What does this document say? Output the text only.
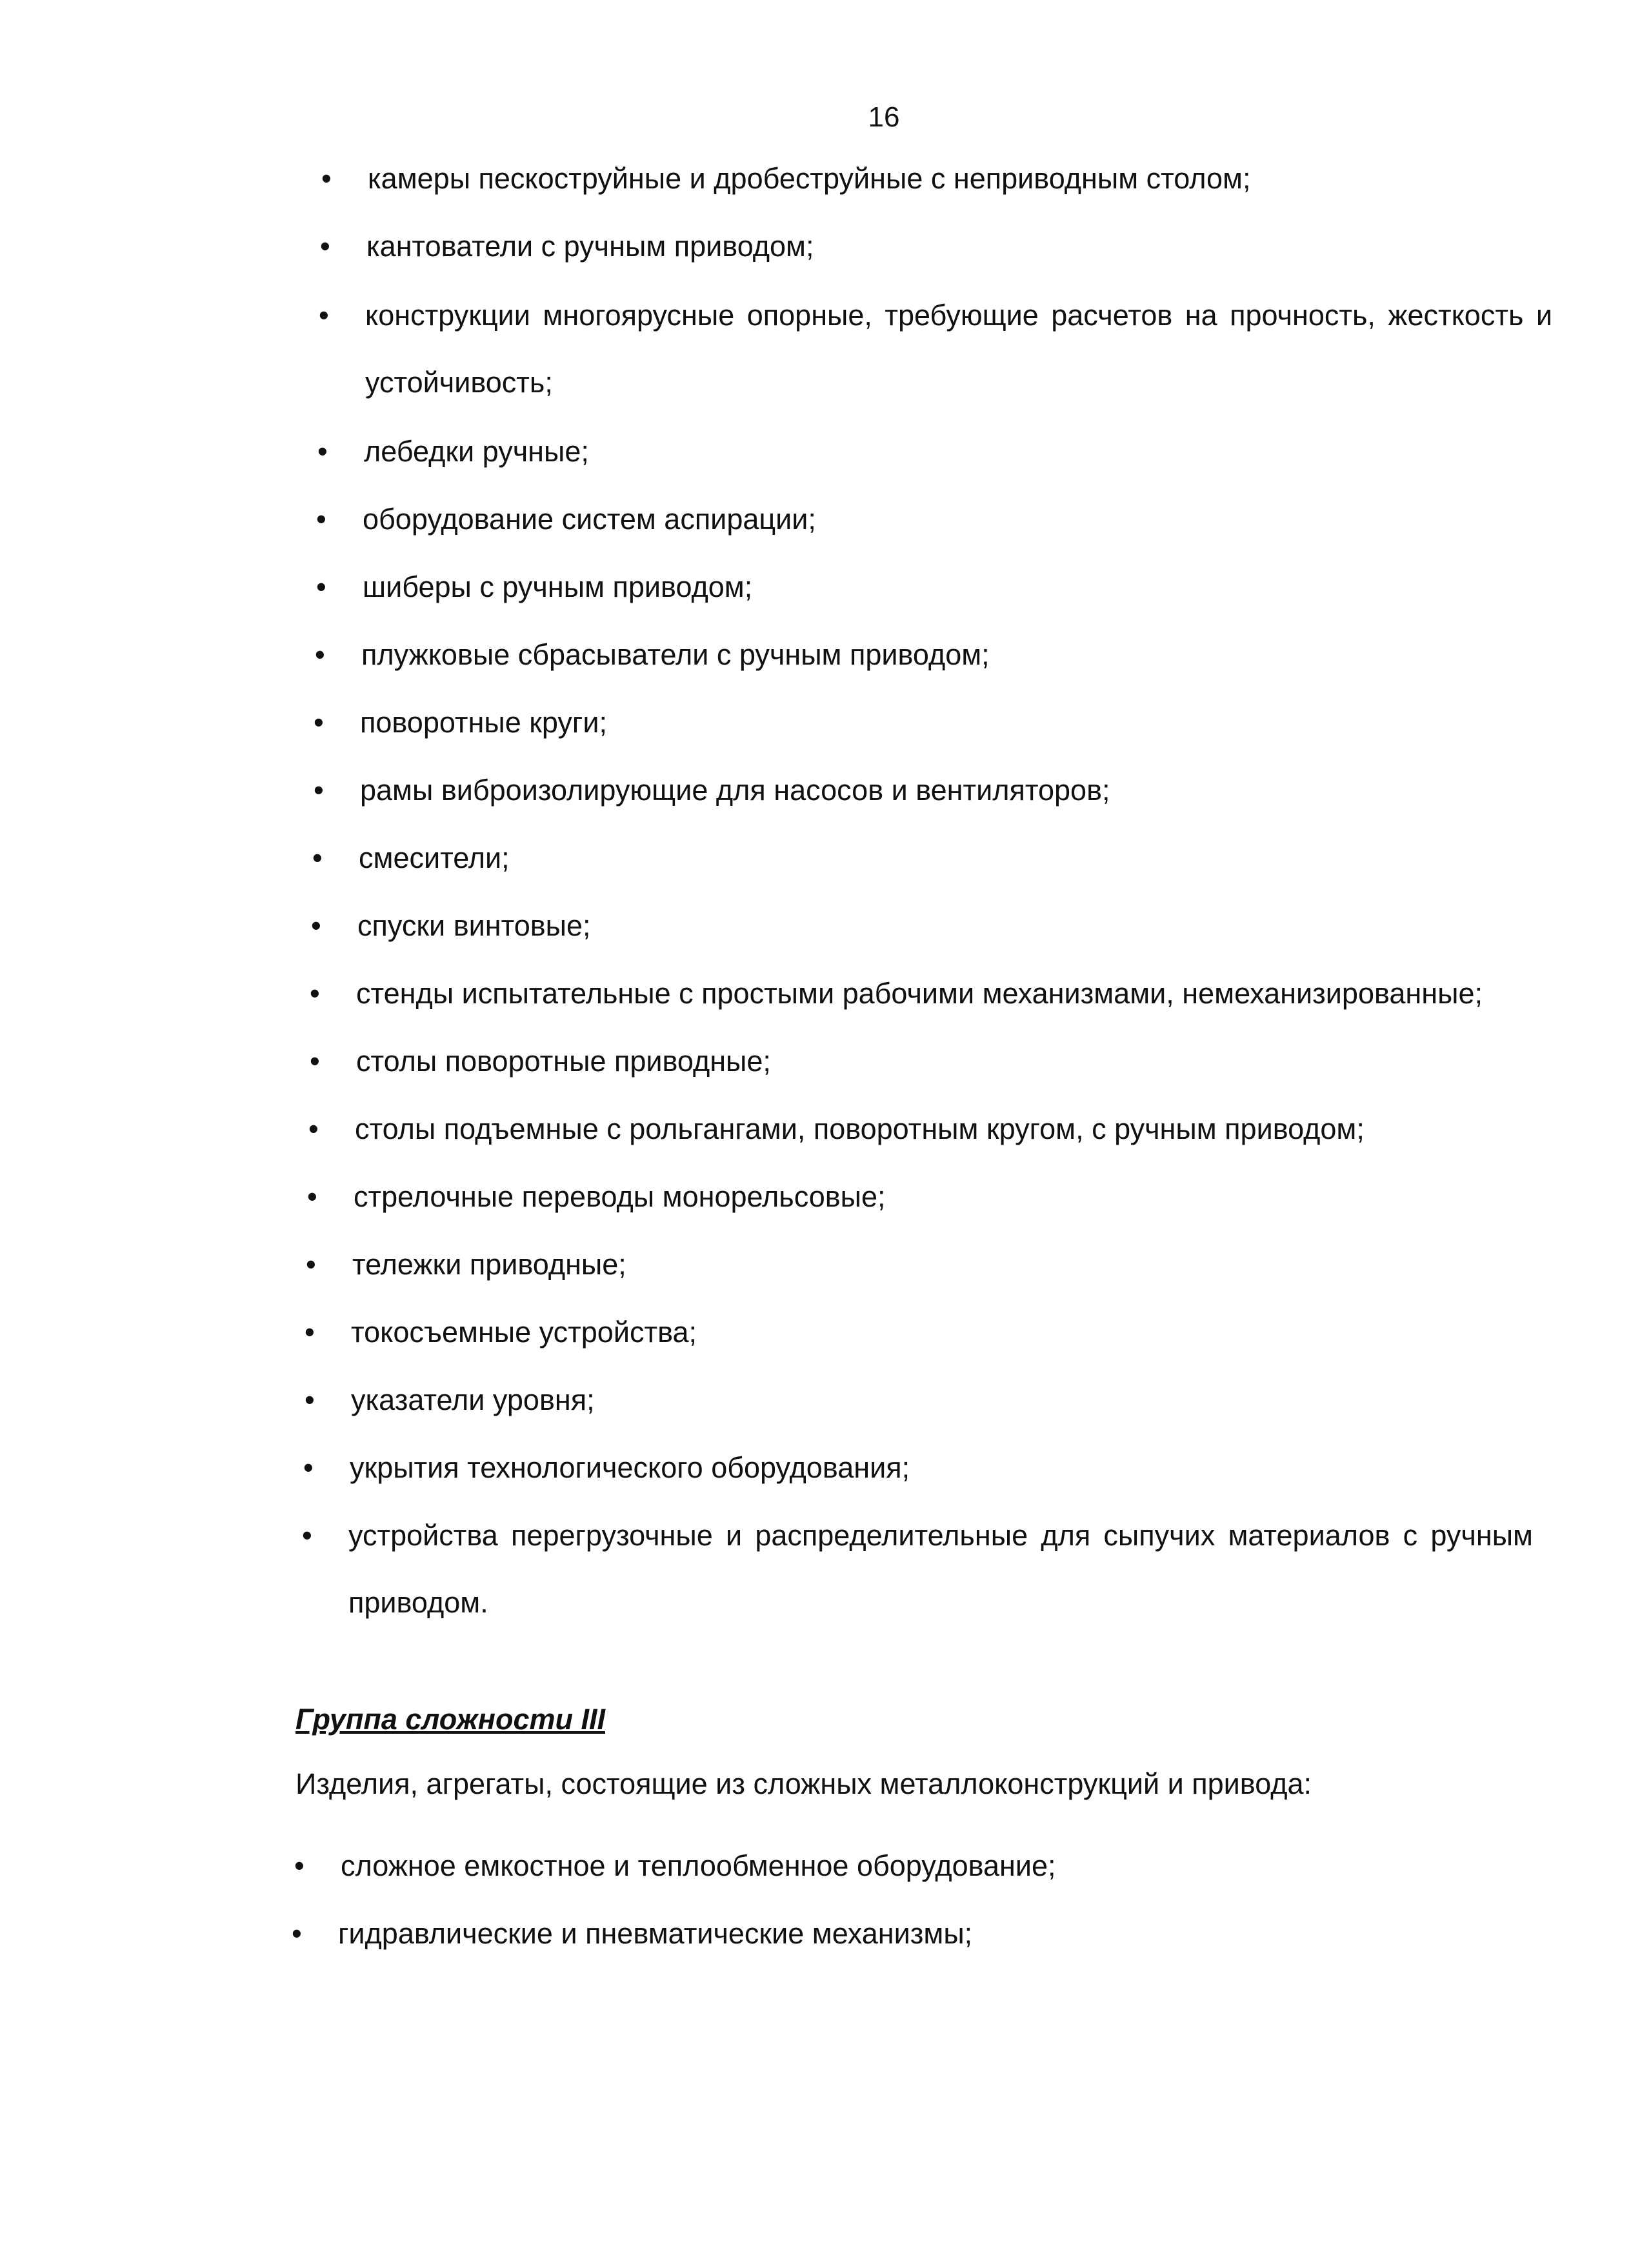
16
•	камеры пескоструйные и дробеструйные с неприводным столом;
•	кантователи с ручным приводом;
•	конструкции многоярусные опорные, требующие расчетов на прочность, жесткость и устойчивость;
•	лебедки ручные;
•	оборудование систем аспирации;
•	шиберы с ручным приводом;
•	плужковые сбрасыватели с ручным приводом;
•	поворотные круги;
•	рамы виброизолирующие для насосов и вентиляторов;
•	смесители;
•	спуски винтовые;
•	стенды испытательные с простыми рабочими механизмами, немеханизированные;
•	столы поворотные приводные;
•	столы подъемные с рольгангами, поворотным кругом, с ручным приводом;
•	стрелочные переводы монорельсовые;
•	тележки приводные;
•	токосъемные устройства;
•	указатели уровня;
•	укрытия технологического оборудования;
•	устройства перегрузочные и распределительные для сыпучих материалов с ручным приводом.
Группа сложности III
Изделия, агрегаты, состоящие из сложных металлоконструкций и привода:
•	сложное емкостное и теплообменное оборудование;
•	гидравлические и пневматические механизмы;
